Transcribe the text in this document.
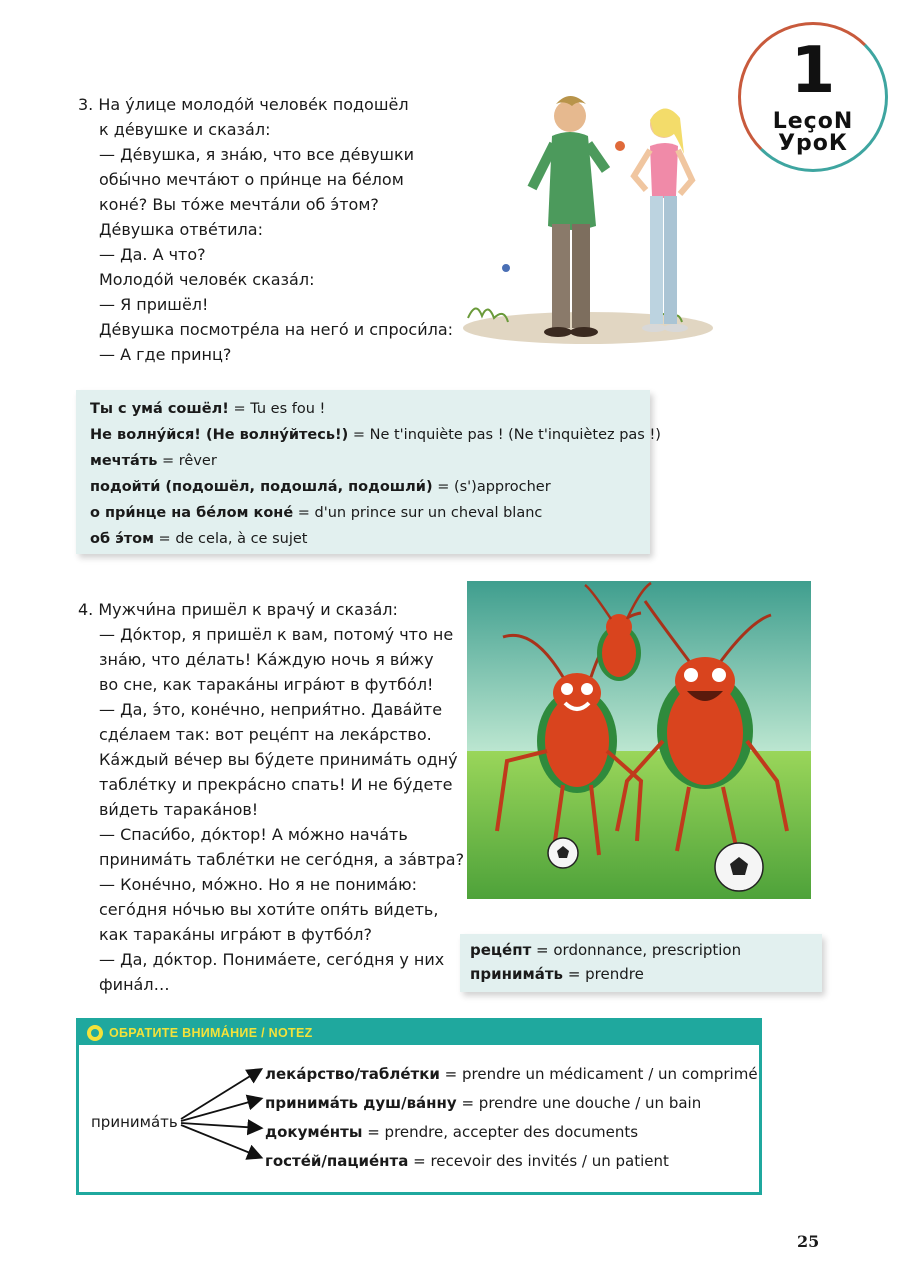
1
LeçoN
УроК
3. На у́лице молодо́й челове́к подошёл
к де́вушке и сказа́л:
— Де́вушка, я зна́ю, что все де́вушки
обы́чно мечта́ют о при́нце на бе́лом
коне́? Вы то́же мечта́ли об э́том?
Де́вушка отве́тила:
— Да. А что?
Молодо́й челове́к сказа́л:
— Я пришёл!
Де́вушка посмотре́ла на него́ и спроси́ла:
— А где принц?
Ты с ума́ сошёл! = Tu es fou !
Не волну́йся! (Не волну́йтесь!) = Ne t'inquiète pas ! (Ne t'inquiètez pas !)
мечта́ть = rêver
подойти́ (подошёл, подошла́, подошли́) = (s')approcher
о при́нце на бе́лом коне́ = d'un prince sur un cheval blanc
об э́том = de cela, à ce sujet
4. Мужчи́на пришёл к врачу́ и сказа́л:
— До́ктор, я пришёл к вам, потому́ что не
зна́ю, что де́лать! Ка́ждую ночь я ви́жу
во сне, как тарака́ны игра́ют в футбо́л!
— Да, э́то, коне́чно, неприя́тно. Дава́йте
сде́лаем так: вот реце́пт на лека́рство.
Ка́ждый ве́чер вы бу́дете принима́ть одну́
табле́тку и прекра́сно спать! И не бу́дете
ви́деть тарака́нов!
— Спаси́бо, до́ктор! А мо́жно нача́ть
принима́ть табле́тки не сего́дня, а за́втра?
— Коне́чно, мо́жно. Но я не понима́ю:
сего́дня но́чью вы хоти́те опя́ть ви́деть,
как тарака́ны игра́ют в футбо́л?
— Да, до́ктор. Понима́ете, сего́дня у них
фина́л…
реце́пт = ordonnance, prescription
принима́ть = prendre
ОБРАТИТЕ ВНИМА́НИЕ / NOTEZ
принима́ть
лека́рство/табле́тки = prendre un médicament / un comprimé
принима́ть душ/ва́нну = prendre une douche / un bain
докуме́нты = prendre, accepter des documents
госте́й/пацие́нта = recevoir des invités / un patient
25
